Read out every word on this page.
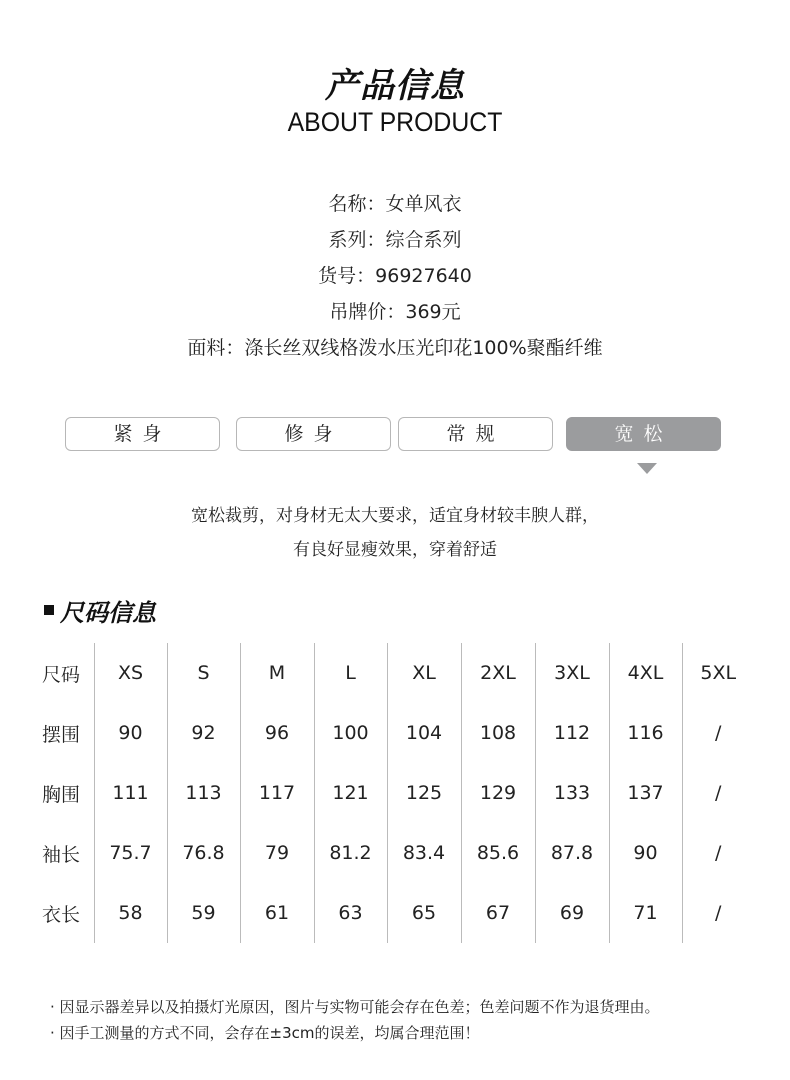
产品信息
ABOUT PRODUCT
名称：女单风衣
系列：综合系列
货号：96927640
吊牌价：369元
面料：涤长丝双线格泼水压光印花100%聚酯纤维
紧身	修身	常规	宽松
宽松裁剪，对身材无太大要求，适宜身材较丰腴人群，
有良好显瘦效果，穿着舒适
尺码信息
尺码	XS	S	M	L	XL	2XL	3XL	4XL	5XL
摆围	90	92	96	100	104	108	112	116	/
胸围	111	113	117	121	125	129	133	137	/
袖长	75.7	76.8	79	81.2	83.4	85.6	87.8	90	/
衣长	58	59	61	63	65	67	69	71	/
· 因显示器差异以及拍摄灯光原因，图片与实物可能会存在色差；色差问题不作为退货理由。
· 因手工测量的方式不同，会存在±3cm的误差，均属合理范围！
